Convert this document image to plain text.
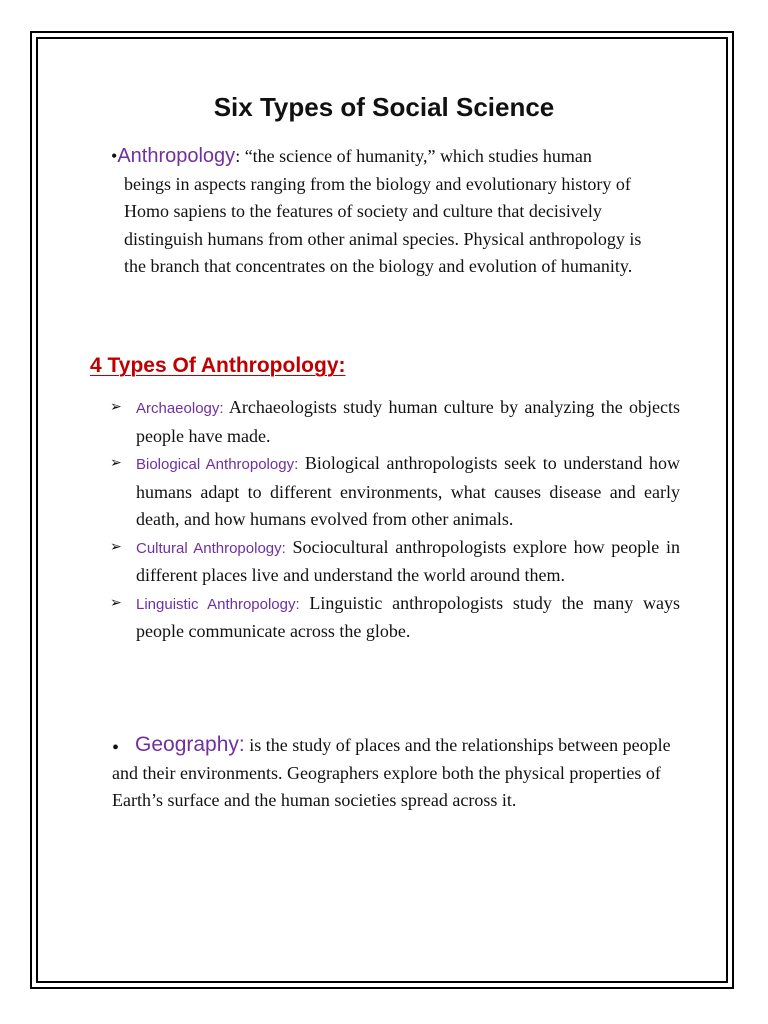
Six Types of Social Science

•Anthropology: “the science of humanity,” which studies human
beings in aspects ranging from the biology and evolutionary history of Homo sapiens to the features of society and culture that decisively distinguish humans from other animal species. Physical anthropology is the branch that concentrates on the biology and evolution of humanity.

4 Types Of Anthropology:
➢ Archaeology: Archaeologists study human culture by analyzing the objects people have made.
➢ Biological Anthropology: Biological anthropologists seek to understand how humans adapt to different environments, what causes disease and early death, and how humans evolved from other animals.
➢ Cultural Anthropology: Sociocultural anthropologists explore how people in different places live and understand the world around them.
➢ Linguistic Anthropology: Linguistic anthropologists study the many ways people communicate across the globe.

• Geography: is the study of places and the relationships between people and their environments. Geographers explore both the physical properties of Earth’s surface and the human societies spread across it.
